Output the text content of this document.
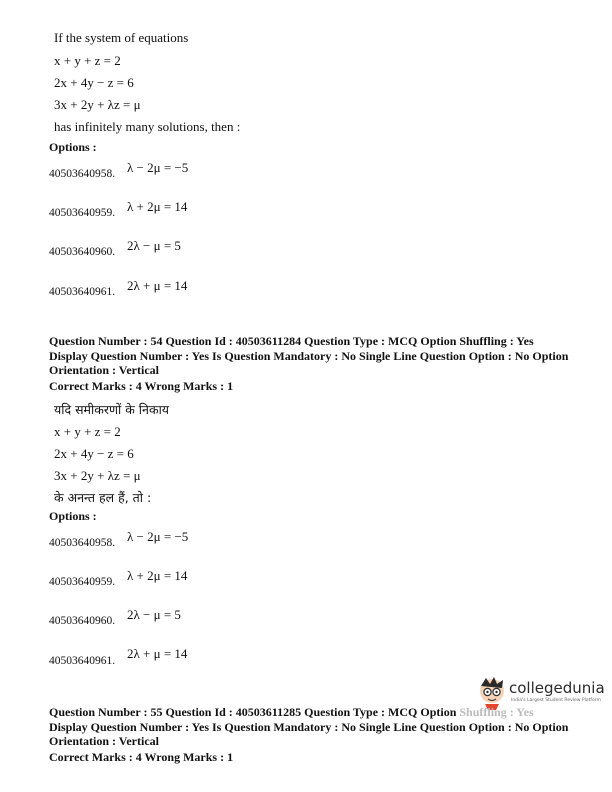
If the system of equations
x + y + z = 2
2x + 4y − z = 6
3x + 2y + λz = μ
has infinitely many solutions, then :
Options :
40503640958. λ − 2μ = −5
40503640959. λ + 2μ = 14
40503640960. 2λ − μ = 5
40503640961. 2λ + μ = 14
Question Number : 54 Question Id : 40503611284 Question Type : MCQ Option Shuffling : Yes
Display Question Number : Yes Is Question Mandatory : No Single Line Question Option : No Option
Orientation : Vertical
Correct Marks : 4 Wrong Marks : 1
यदि समीकरणों के निकाय
x + y + z = 2
2x + 4y − z = 6
3x + 2y + λz = μ
के अनन्त हल हैं, तो :
Options :
40503640958. λ − 2μ = −5
40503640959. λ + 2μ = 14
40503640960. 2λ − μ = 5
40503640961. 2λ + μ = 14
collegedunia
India's Largest Student Review Platform
Question Number : 55 Question Id : 40503611285 Question Type : MCQ Option Shuffling : Yes
Display Question Number : Yes Is Question Mandatory : No Single Line Question Option : No Option
Orientation : Vertical
Correct Marks : 4 Wrong Marks : 1
